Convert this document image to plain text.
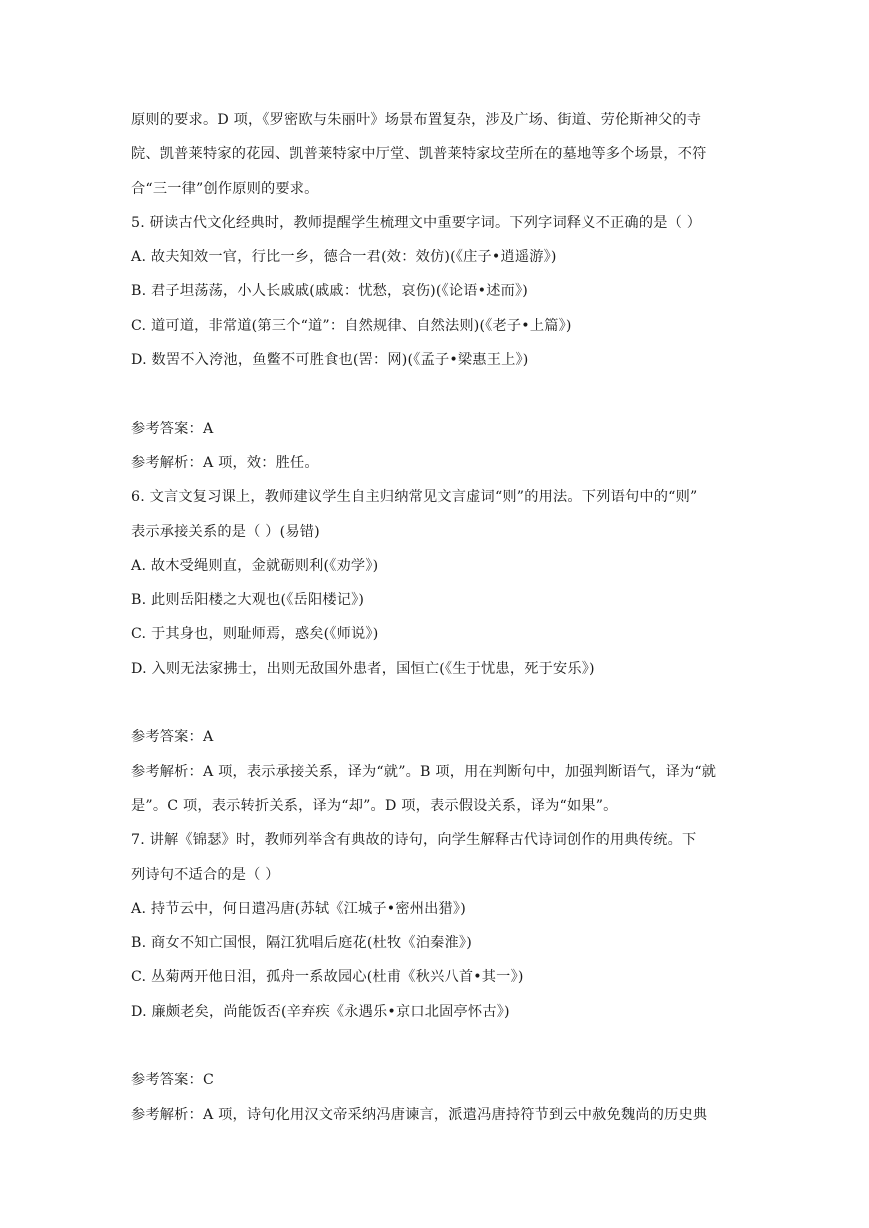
原则的要求。D 项，《罗密欧与朱丽叶》场景布置复杂，涉及广场、街道、劳伦斯神父的寺
院、凯普莱特家的花园、凯普莱特家中厅堂、凯普莱特家坟茔所在的墓地等多个场景，不符
合“三一律”创作原则的要求。
5. 研读古代文化经典时，教师提醒学生梳理文中重要字词。下列字词释义不正确的是（ ）
A. 故夫知效一官，行比一乡，德合一君(效：效仿)(《庄子•逍遥游》)
B. 君子坦荡荡，小人长戚戚(戚戚：忧愁，哀伤)(《论语•述而》)
C. 道可道，非常道(第三个“道”：自然规律、自然法则)(《老子•上篇》)
D. 数罟不入洿池，鱼鳖不可胜食也(罟：网)(《孟子•梁惠王上》)
参考答案：A
参考解析：A 项，效：胜任。
6. 文言文复习课上，教师建议学生自主归纳常见文言虚词“则”的用法。下列语句中的“则”
表示承接关系的是（ ）(易错)
A. 故木受绳则直，金就砺则利(《劝学》)
B. 此则岳阳楼之大观也(《岳阳楼记》)
C. 于其身也，则耻师焉，惑矣(《师说》)
D. 入则无法家拂士，出则无敌国外患者，国恒亡(《生于忧患，死于安乐》)
参考答案：A
参考解析：A 项，表示承接关系，译为“就”。B 项，用在判断句中，加强判断语气，译为“就
是”。C 项，表示转折关系，译为“却”。D 项，表示假设关系，译为“如果”。
7. 讲解《锦瑟》时，教师列举含有典故的诗句，向学生解释古代诗词创作的用典传统。下
列诗句不适合的是（ ）
A. 持节云中，何日遣冯唐(苏轼《江城子•密州出猎》)
B. 商女不知亡国恨，隔江犹唱后庭花(杜牧《泊秦淮》)
C. 丛菊两开他日泪，孤舟一系故园心(杜甫《秋兴八首•其一》)
D. 廉颇老矣，尚能饭否(辛弃疾《永遇乐•京口北固亭怀古》)
参考答案：C
参考解析：A 项，诗句化用汉文帝采纳冯唐谏言，派遣冯唐持符节到云中赦免魏尚的历史典
